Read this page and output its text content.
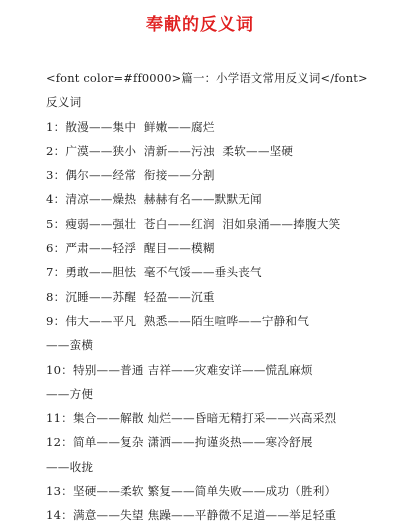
奉献的反义词
<font color=#ff0000>篇一：小学语文常用反义词</font>
反义词
1：散漫——集中  鲜嫩——腐烂
2：广漠——狭小  清新——污浊  柔软——坚硬
3：偶尔——经常  衔接——分割
4：清凉——燥热  赫赫有名——默默无闻
5：瘦弱——强壮  苍白——红润  泪如泉涌——捧腹大笑
6：严肃——轻浮  醒目——模糊
7：勇敢——胆怯  毫不气馁——垂头丧气
8：沉睡——苏醒  轻盈——沉重
9：伟大——平凡  熟悉——陌生喧哗——宁静和气
——蛮横
10：特别——普通 吉祥——灾难安详——慌乱麻烦
——方便
11：集合——解散 灿烂——昏暗无精打采——兴高采烈
12：简单——复杂 潇洒——拘谨炎热——寒冷舒展
——收拢
13：坚硬——柔软 繁复——简单失败——成功（胜利）
14：满意——失望 焦躁——平静微不足道——举足轻重
